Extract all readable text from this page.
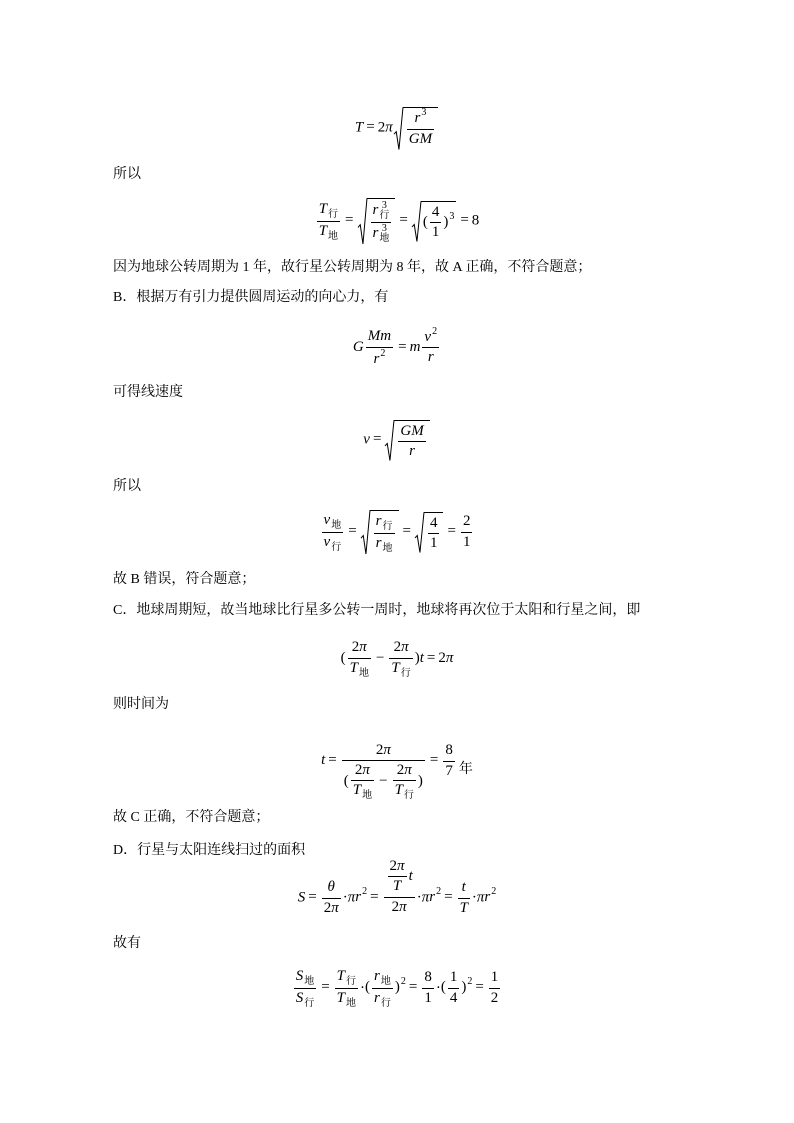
$T = 2\pi \frac{r 3}{GM}$
所以
$\frac{\text{T 行}}{\text{T 地}} = r$ 3
行
r 3
地 = ( $\frac{4}{1}$ ) 3 = 8
因为地球公转周期为 1 年，故行星公转周期为 8 年，故 A 正确，不符合题意；
B．根据万有引力提供圆周运动的向心力，有
G $\frac{Mm}{r 2} = m \frac{v 2}{r}$
可得线速度
$v = \frac{GM}{r}$
所以
$\frac{\text{v 地}}{\text{v 行}} = \frac{\text{r 行}}{\text{r 地}} = \frac{4}{1} = \frac{2}{1}$
故 B 错误，符合题意；
C．地球周期短，故当地球比行星多公转一周时，地球将再次位于太阳和行星之间，即
( $\frac{2\pi}{\text{T 地}} - \frac{2\pi}{\text{T 行}} )t = 2\pi$
则时间为
$t = \frac{2\pi}{( \frac{2\pi}{\text{T 地}} - \frac{2\pi}{\text{T 行}} )} = \frac{8}{7}$ 年
故 C 正确，不符合题意；
D．行星与太阳连线扫过的面积
$S = \frac{\theta}{2\pi} \cdot\pi r$ $2 = \frac{\frac{2\pi}{T} t}{2\pi} \cdot\pi r$ $2 = \frac{t}{T} \cdot\pi r$ 2
故有
$\frac{\text{S 地}}{\text{S 行}} = \frac{\text{T 行}}{\text{T 地}}$ ·( $\frac{\text{r 地}}{\text{r 行}}$ ) $2 = \frac{8}{1}$ ·( $\frac{1}{4}$ ) $2 = \frac{1}{2}$
